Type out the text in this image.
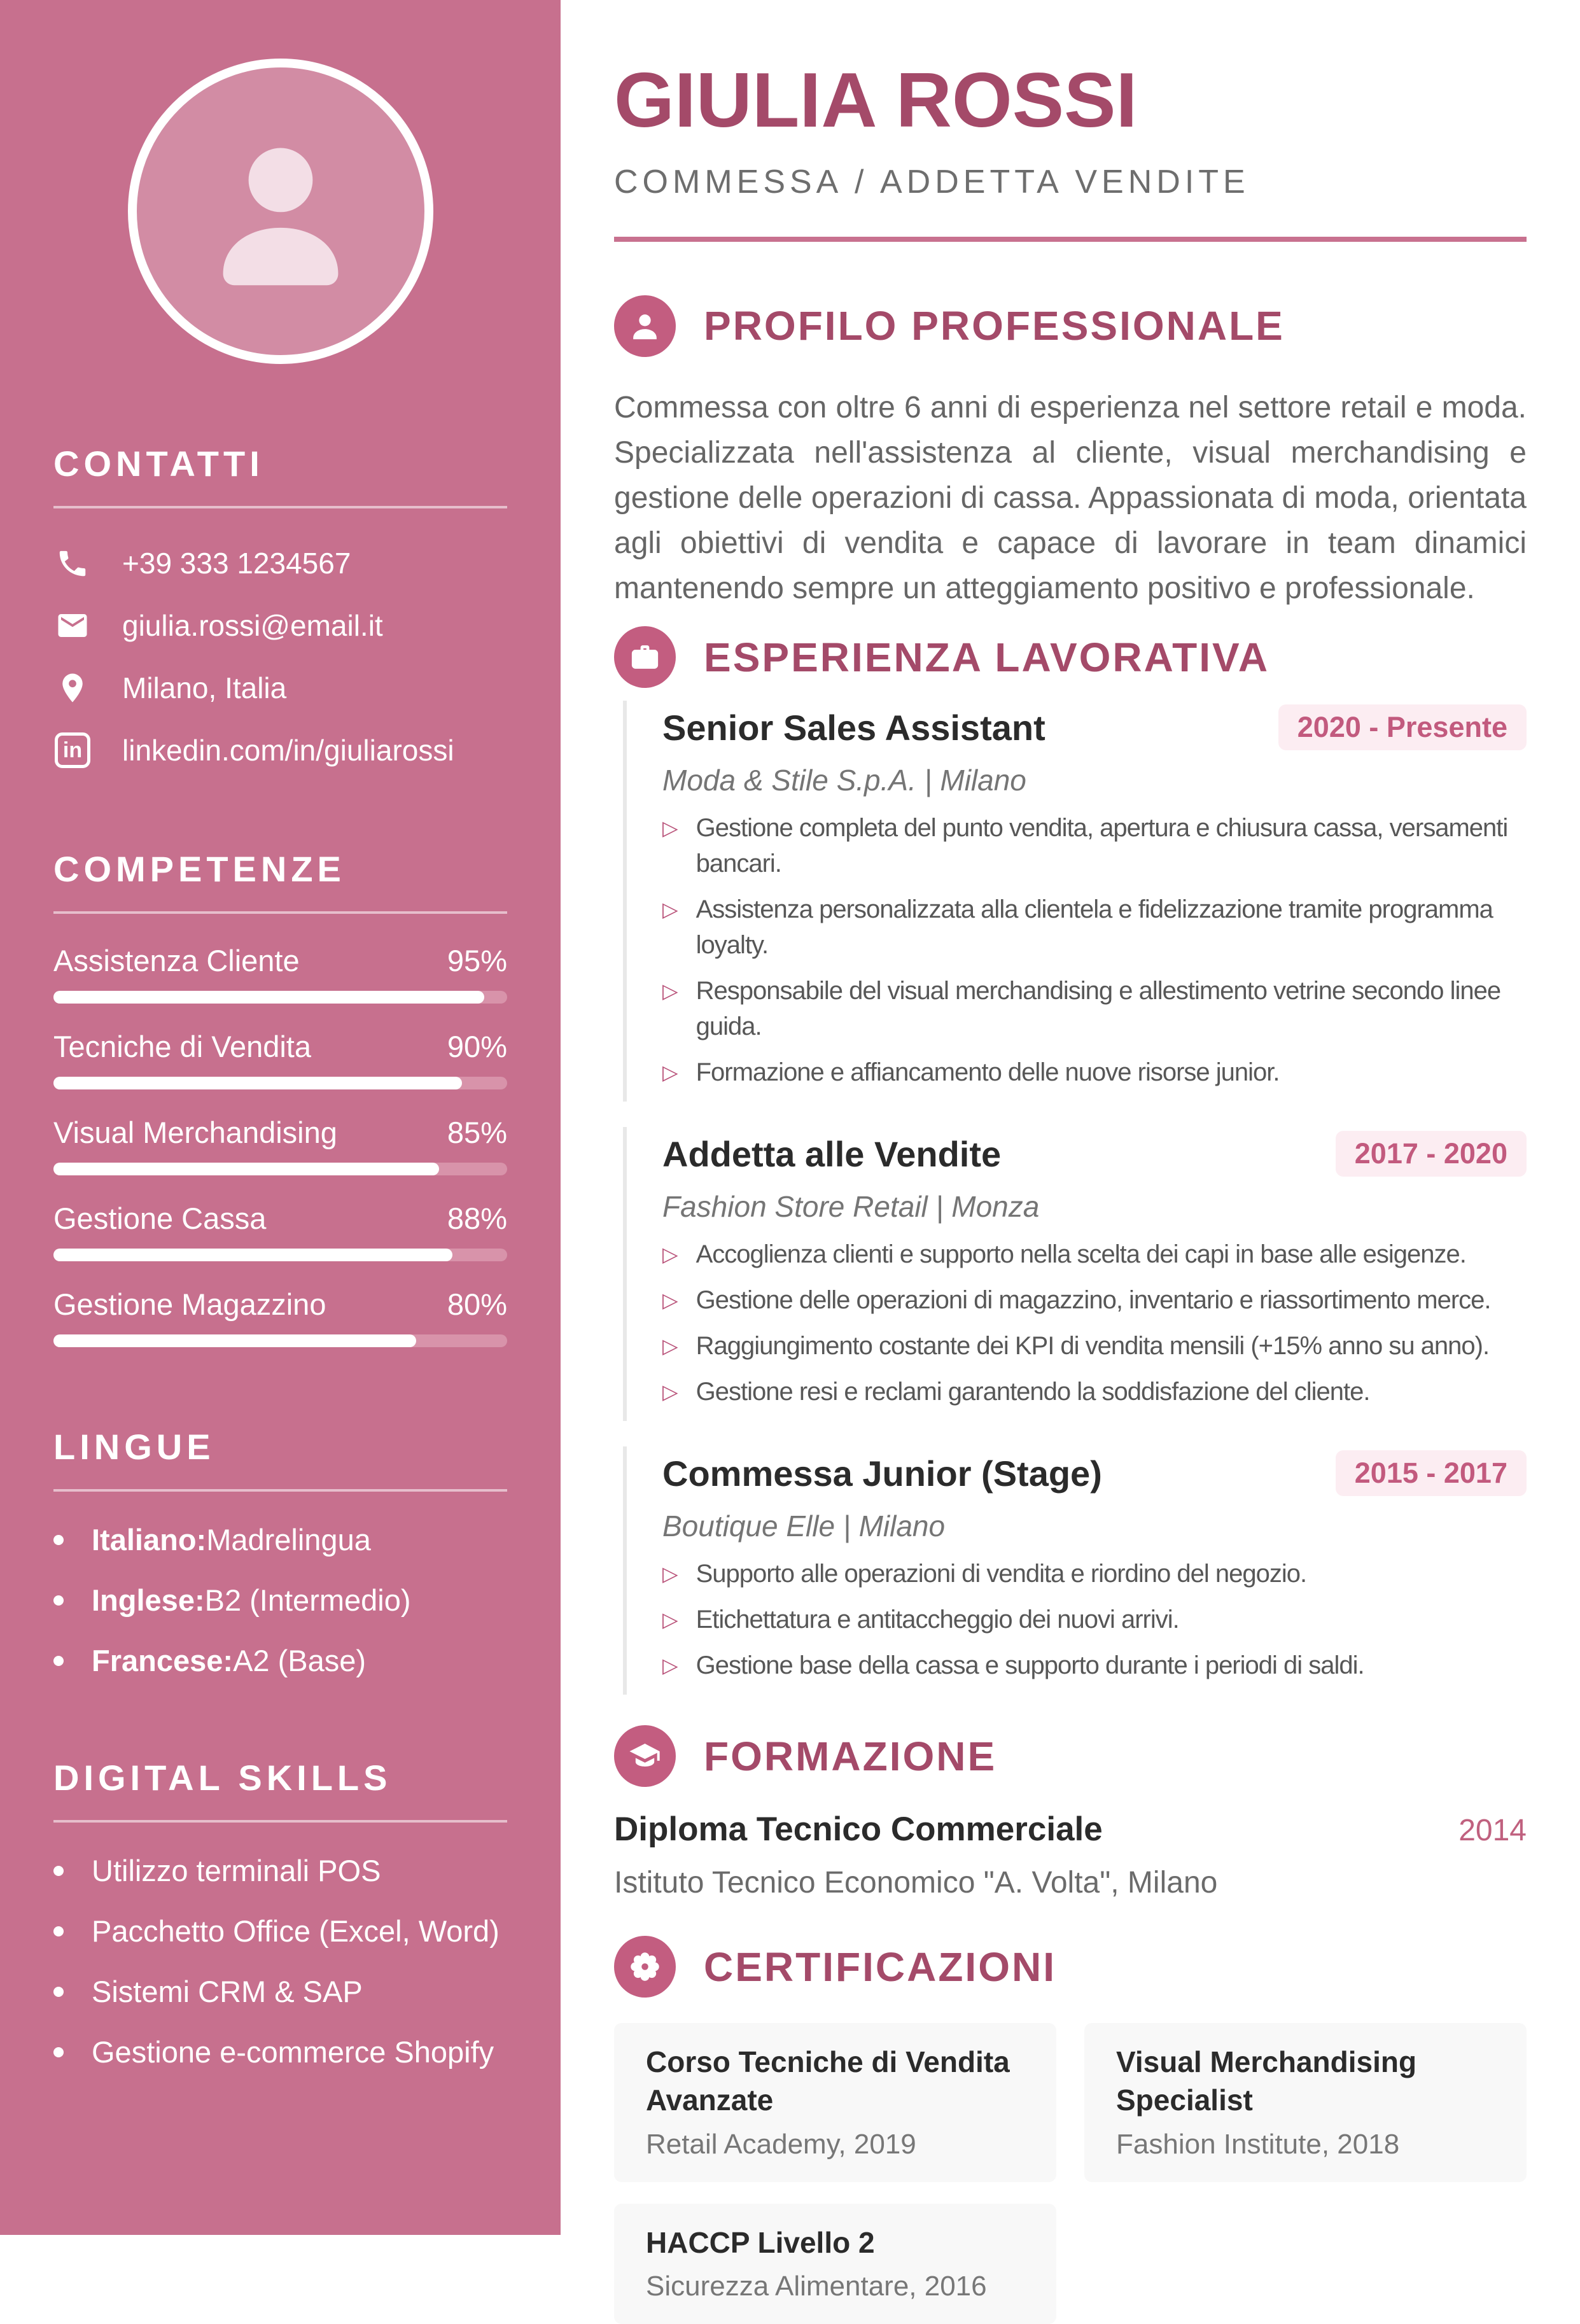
CONTATTI
+39 333 1234567
giulia.rossi@email.it
Milano, Italia
in linkedin.com/in/giuliarossi
COMPETENZE
Assistenza Cliente	95%
Tecniche di Vendita	90%
Visual Merchandising	85%
Gestione Cassa	88%
Gestione Magazzino	80%
LINGUE
Italiano:Madrelingua
Inglese:B2 (Intermedio)
Francese:A2 (Base)
DIGITAL SKILLS
Utilizzo terminali POS
Pacchetto Office (Excel, Word)
Sistemi CRM & SAP
Gestione e-commerce Shopify
GIULIA ROSSI
COMMESSA / ADDETTA VENDITE
PROFILO PROFESSIONALE

Commessa con oltre 6 anni di esperienza nel settore retail e moda. Specializzata nell'assistenza al cliente, visual merchandising e gestione delle operazioni di cassa. Appassionata di moda, orientata agli obiettivi di vendita e capace di lavorare in team dinamici mantenendo sempre un atteggiamento positivo e professionale.

ESPERIENZA LAVORATIVA
Senior Sales Assistant	2020 - Presente
Moda & Stile S.p.A. | Milano
▷ Gestione completa del punto vendita, apertura e chiusura cassa, versamenti bancari.
▷ Assistenza personalizzata alla clientela e fidelizzazione tramite programma loyalty.
▷ Responsabile del visual merchandising e allestimento vetrine secondo linee guida.
▷ Formazione e affiancamento delle nuove risorse junior.
Addetta alle Vendite	2017 - 2020
Fashion Store Retail | Monza
▷ Accoglienza clienti e supporto nella scelta dei capi in base alle esigenze.
▷ Gestione delle operazioni di magazzino, inventario e riassortimento merce.
▷ Raggiungimento costante dei KPI di vendita mensili (+15% anno su anno).
▷ Gestione resi e reclami garantendo la soddisfazione del cliente.
Commessa Junior (Stage)	2015 - 2017
Boutique Elle | Milano
▷ Supporto alle operazioni di vendita e riordino del negozio.
▷ Etichettatura e antitaccheggio dei nuovi arrivi.
▷ Gestione base della cassa e supporto durante i periodi di saldi.
FORMAZIONE
Diploma Tecnico Commerciale	2014
Istituto Tecnico Economico "A. Volta", Milano
CERTIFICAZIONI
Corso Tecniche di Vendita Avanzate
Retail Academy, 2019
Visual Merchandising Specialist
Fashion Institute, 2018
HACCP Livello 2
Sicurezza Alimentare, 2016
